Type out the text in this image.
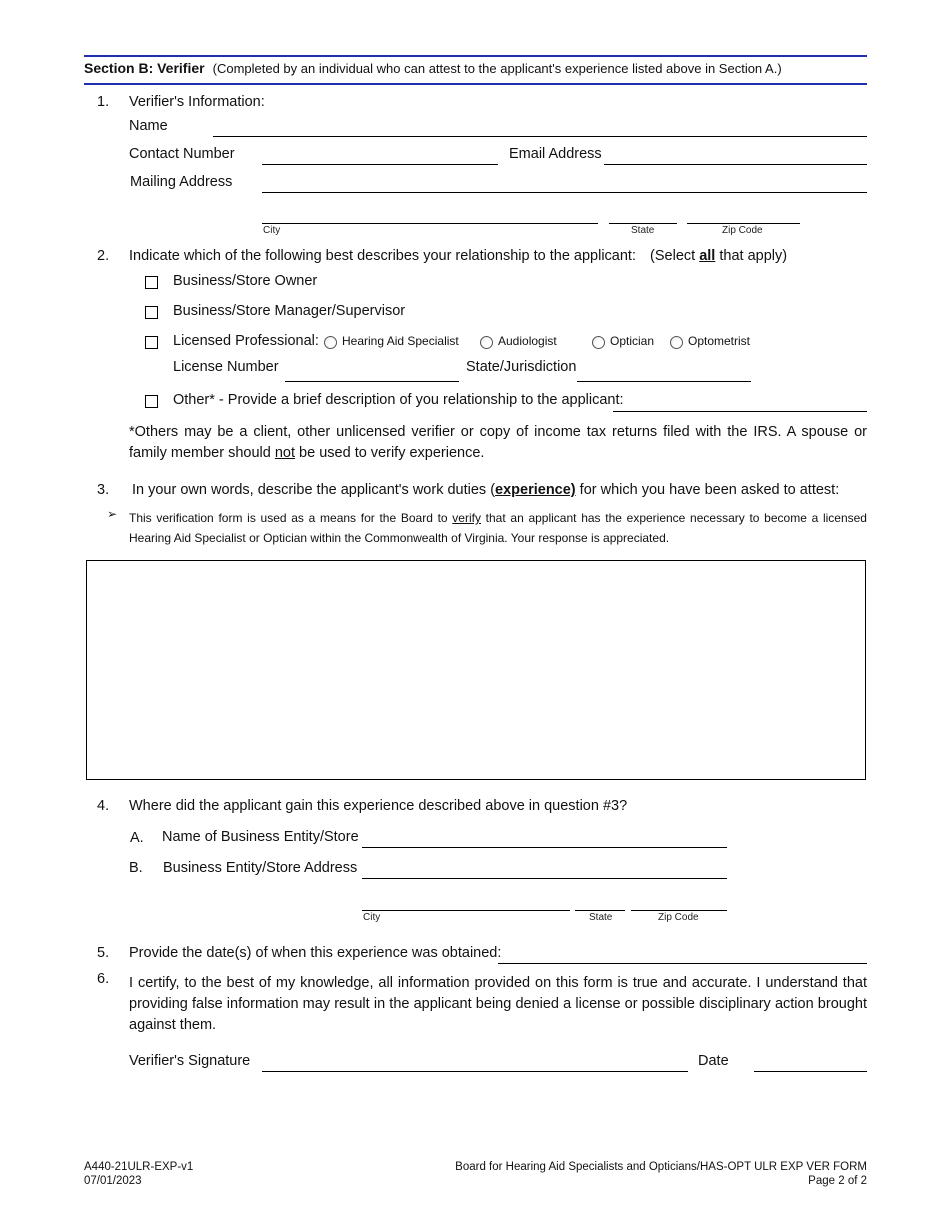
Section B: Verifier (Completed by an individual who can attest to the applicant's experience listed above in Section A.)
1. Verifier's Information:
Name
Contact Number	Email Address
Mailing Address
City	State	Zip Code
2. Indicate which of the following best describes your relationship to the applicant: (Select all that apply)
Business/Store Owner
Business/Store Manager/Supervisor
Licensed Professional: Hearing Aid Specialist	Audiologist	Optician	Optometrist
License Number	State/Jurisdiction
Other* - Provide a brief description of you relationship to the applicant:
*Others may be a client, other unlicensed verifier or copy of income tax returns filed with the IRS. A spouse or family member should not be used to verify experience.
3. In your own words, describe the applicant's work duties (experience) for which you have been asked to attest:
➢ This verification form is used as a means for the Board to verify that an applicant has the experience necessary to become a licensed Hearing Aid Specialist or Optician within the Commonwealth of Virginia. Your response is appreciated.
4. Where did the applicant gain this experience described above in question #3?
A. Name of Business Entity/Store
B. Business Entity/Store Address
City	State	Zip Code
5. Provide the date(s) of when this experience was obtained:
6. I certify, to the best of my knowledge, all information provided on this form is true and accurate. I understand that providing false information may result in the applicant being denied a license or possible disciplinary action brought against them.
Verifier's Signature	Date
A440-21ULR-EXP-v1
07/01/2023
Board for Hearing Aid Specialists and Opticians/HAS-OPT ULR EXP VER FORM
Page 2 of 2
